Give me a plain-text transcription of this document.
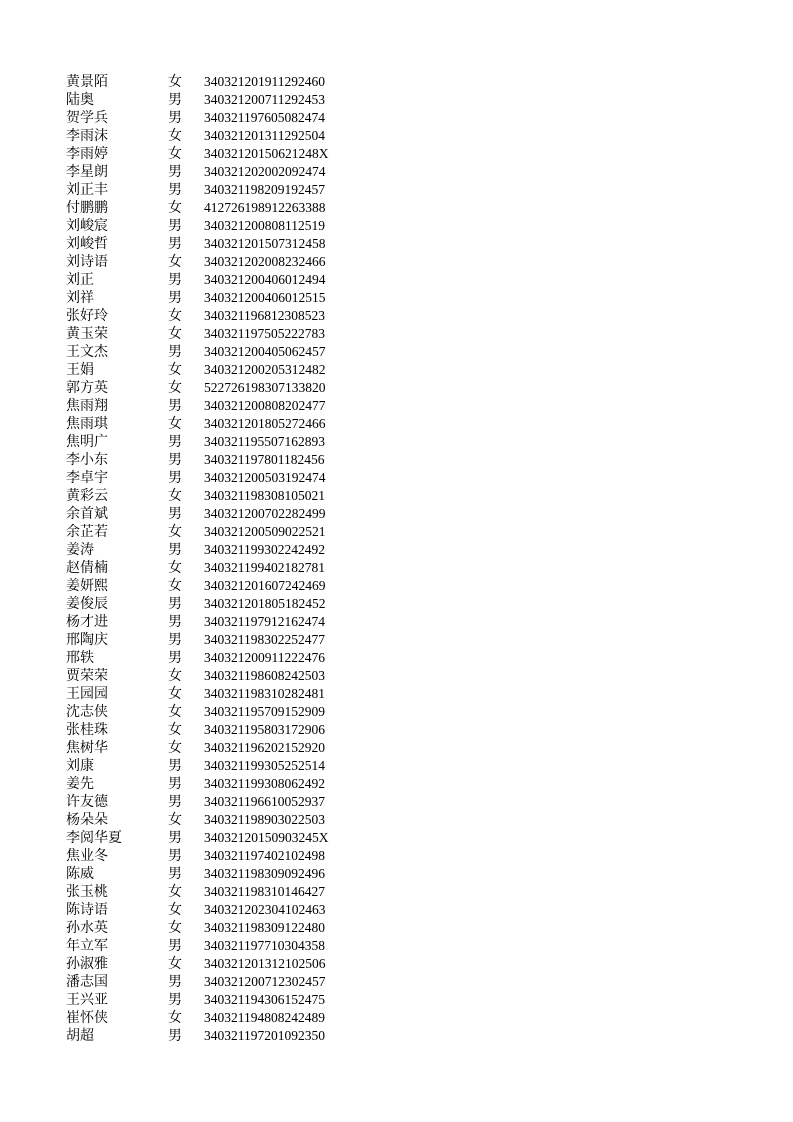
黄景陌	女	340321201911292460
陆奥	男	340321200711292453
贺学兵	男	340321197605082474
李雨沫	女	340321201311292504
李雨婷	女	34032120150621248X
李星朗	男	340321202002092474
刘正丰	男	340321198209192457
付鹏鹏	女	412726198912263388
刘峻宸	男	340321200808112519
刘峻哲	男	340321201507312458
刘诗语	女	340321202008232466
刘正	男	340321200406012494
刘祥	男	340321200406012515
张好玲	女	340321196812308523
黄玉荣	女	340321197505222783
王文杰	男	340321200405062457
王娟	女	340321200205312482
郭方英	女	522726198307133820
焦雨翔	男	340321200808202477
焦雨琪	女	340321201805272466
焦明广	男	340321195507162893
李小东	男	340321197801182456
李卓宇	男	340321200503192474
黄彩云	女	340321198308105021
余首斌	男	340321200702282499
余芷若	女	340321200509022521
姜涛	男	340321199302242492
赵倩楠	女	340321199402182781
姜妍熙	女	340321201607242469
姜俊辰	男	340321201805182452
杨才进	男	340321197912162474
邢陶庆	男	340321198302252477
邢轶	男	340321200911222476
贾荣荣	女	340321198608242503
王园园	女	340321198310282481
沈志侠	女	340321195709152909
张桂珠	女	340321195803172906
焦树华	女	340321196202152920
刘康	男	340321199305252514
姜先	男	340321199308062492
许友德	男	340321196610052937
杨朵朵	女	340321198903022503
李阅华夏	男	34032120150903245X
焦业冬	男	340321197402102498
陈威	男	340321198309092496
张玉桃	女	340321198310146427
陈诗语	女	340321202304102463
孙水英	女	340321198309122480
年立军	男	340321197710304358
孙淑雅	女	340321201312102506
潘志国	男	340321200712302457
王兴亚	男	340321194306152475
崔怀侠	女	340321194808242489
胡超	男	340321197201092350
